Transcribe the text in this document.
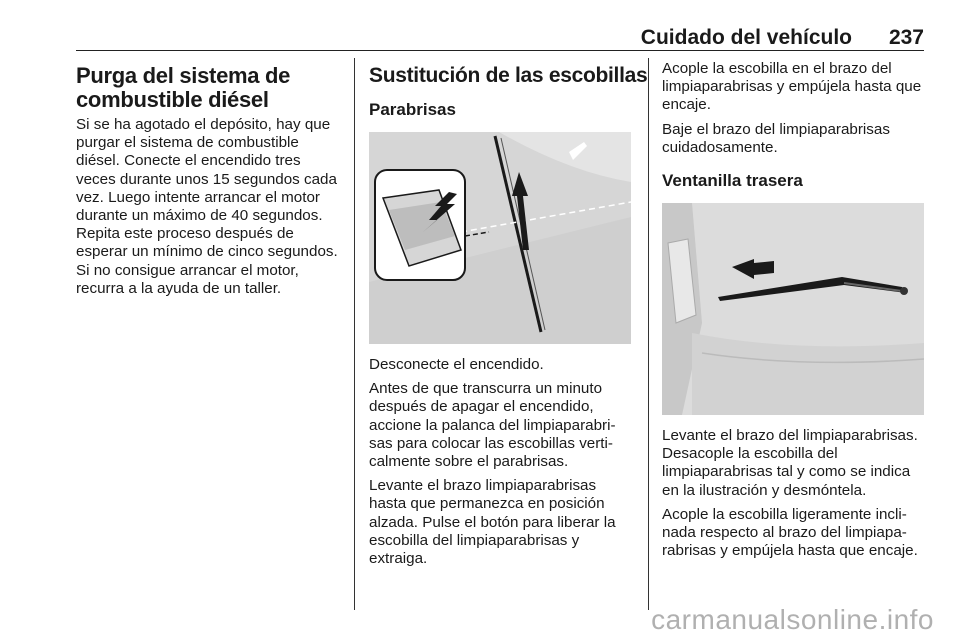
Cuidado del vehículo 237
Purga del sistema de combustible diésel

Si se ha agotado el depósito, hay que purgar el sistema de combustible diésel. Conecte el encendido tres veces durante unos 15 segundos cada vez. Luego intente arrancar el motor durante un máximo de 40 segundos. Repita este proceso después de esperar un mínimo de cinco segundos. Si no consigue arrancar el motor, recurra a la ayuda de un taller.

Sustitución de las escobillas
Parabrisas

Desconecte el encendido.

Antes de que transcurra un minuto después de apagar el encendido, accione la palanca del limpiaparabrisas para colocar las escobillas verticalmente sobre el parabrisas.

Levante el brazo limpiaparabrisas hasta que permanezca en posición alzada. Pulse el botón para liberar la escobilla del limpiaparabrisas y extraiga.

Acople la escobilla en el brazo del limpiaparabrisas y empújela hasta que encaje.

Baje el brazo del limpiaparabrisas cuidadosamente.

Ventanilla trasera

Levante el brazo del limpiaparabrisas. Desacople la escobilla del limpiaparabrisas tal y como se indica en la ilustración y desmóntela.

Acople la escobilla ligeramente inclinada respecto al brazo del limpiaparabrisas y empújela hasta que encaje.

carmanualsonline.info
